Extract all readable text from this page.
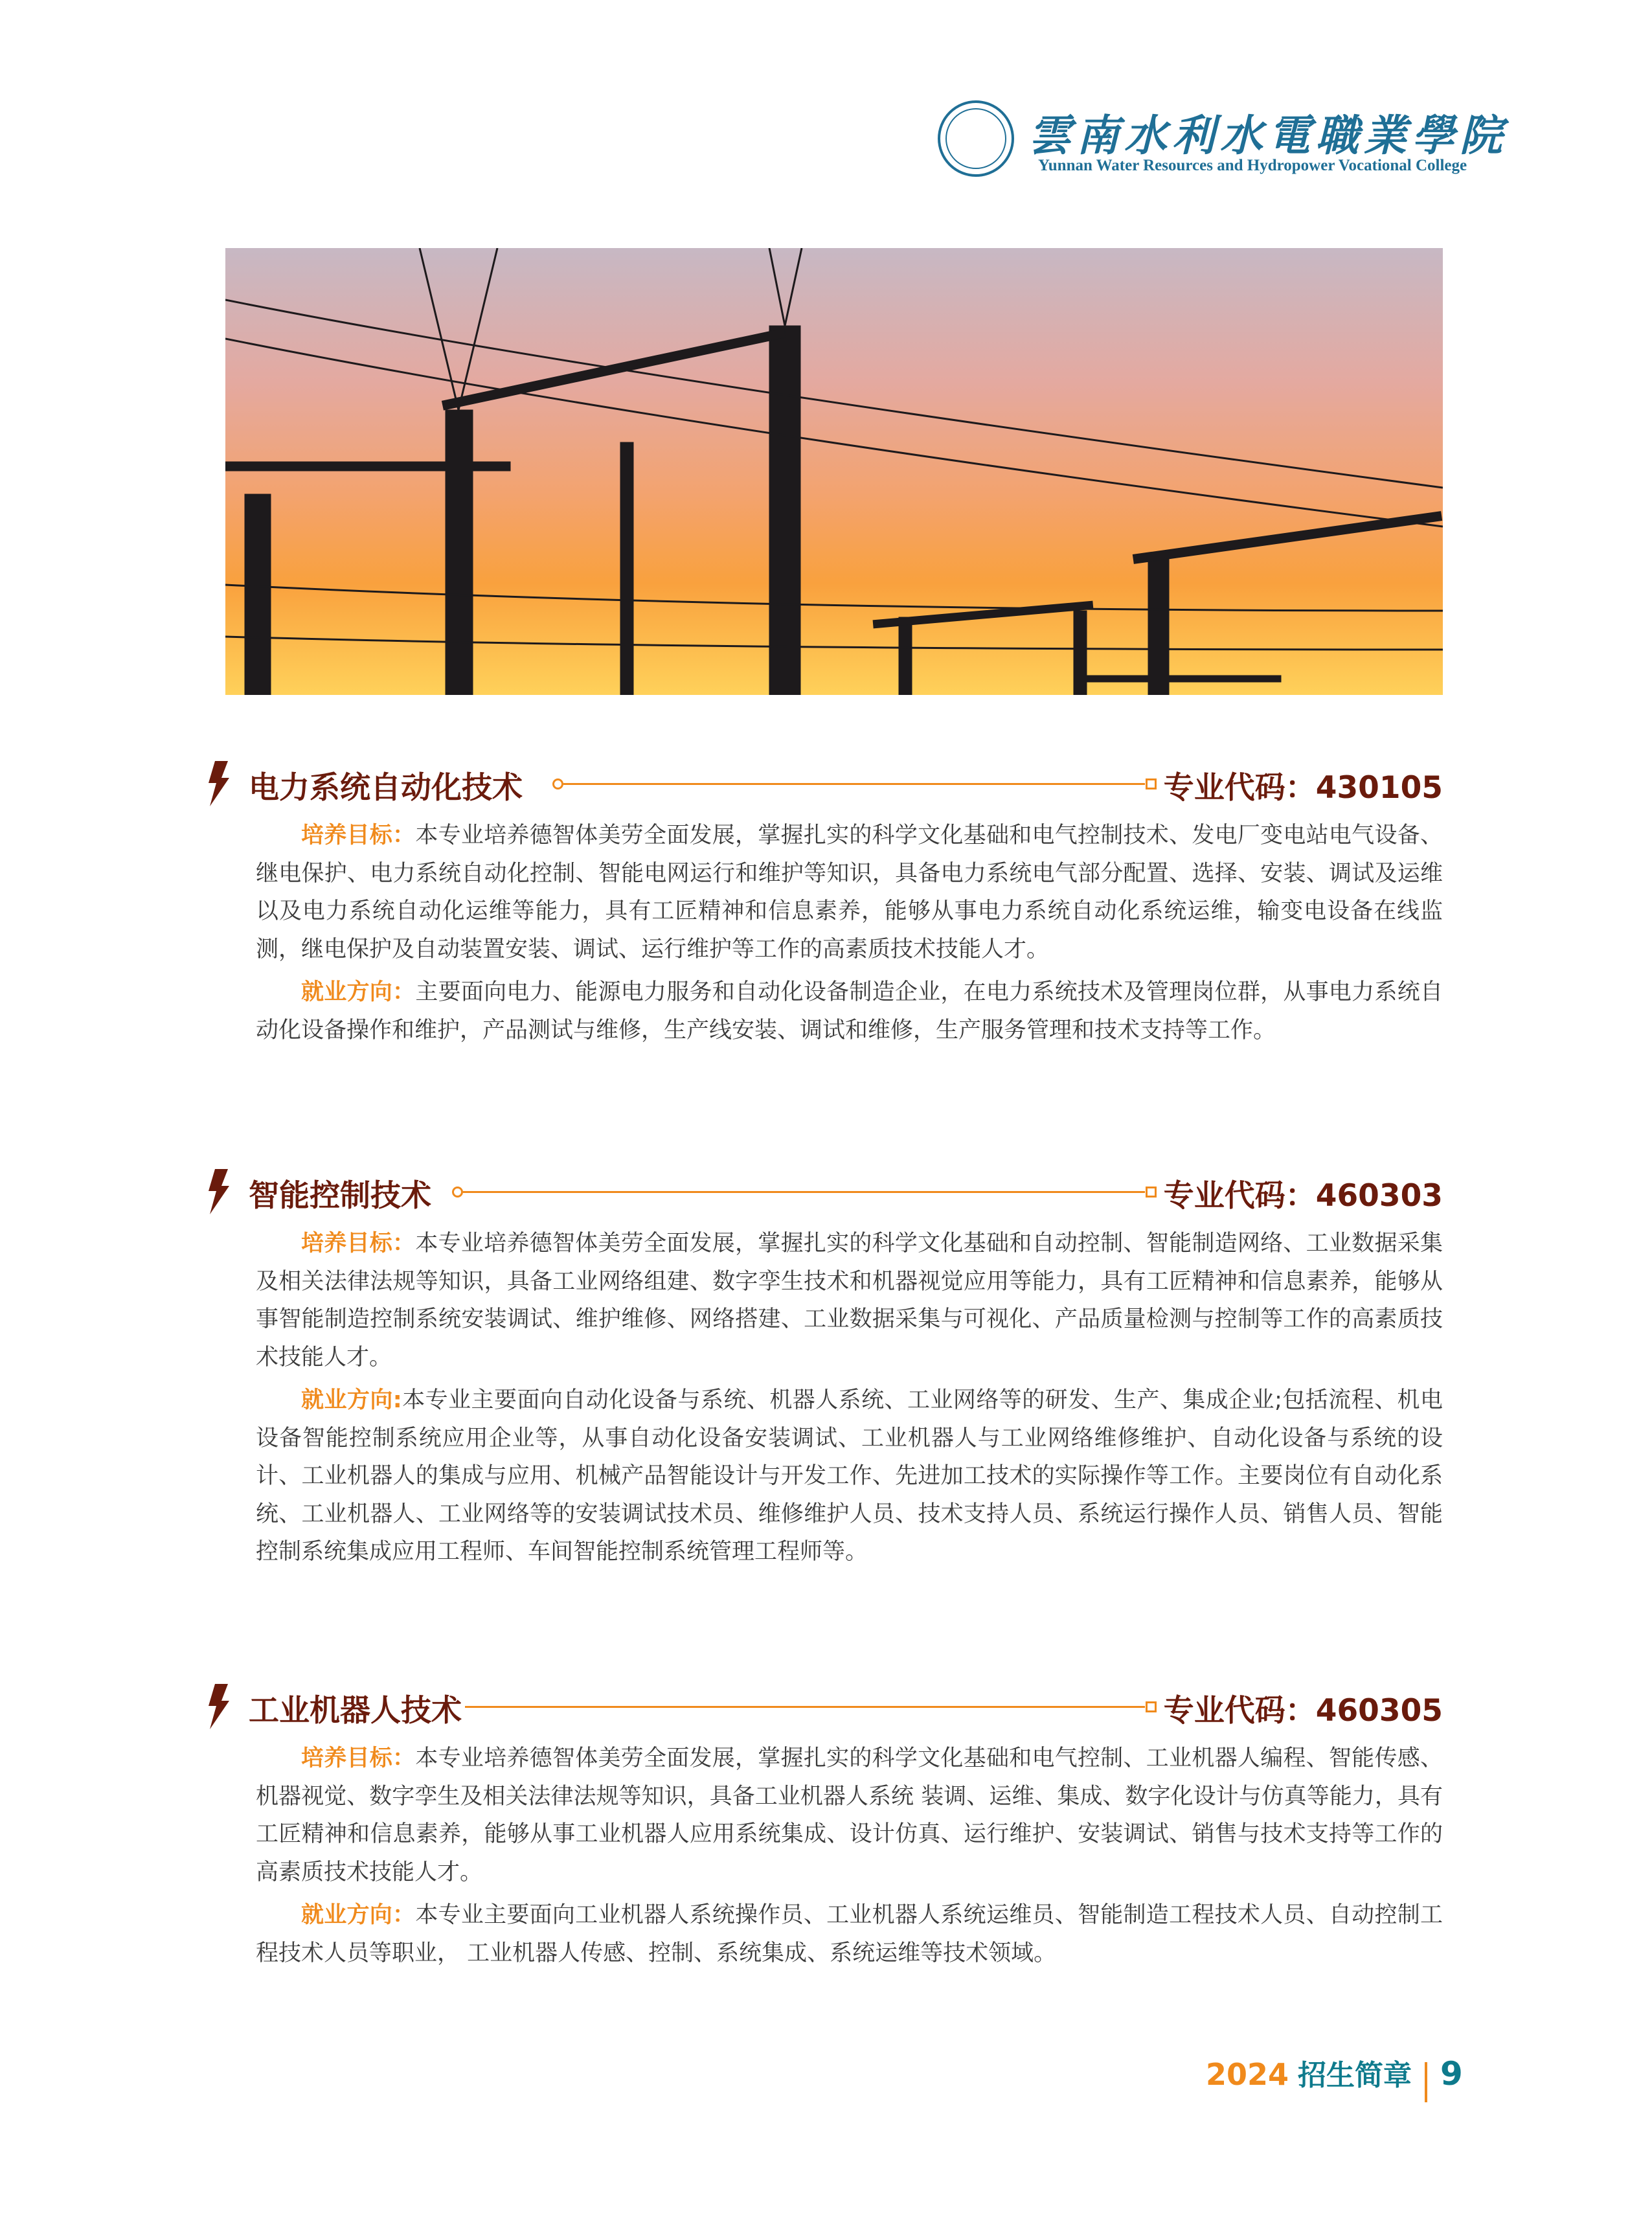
雲南水利水電職業學院
Yunnan Water Resources and Hydropower Vocational College
电力系统自动化技术	专业代码：430105

培养目标：本专业培养德智体美劳全面发展，掌握扎实的科学文化基础和电气控制技术、发电厂变电站电气设备、继电保护、电力系统自动化控制、智能电网运行和维护等知识，具备电力系统电气部分配置、选择、安装、调试及运维以及电力系统自动化运维等能力，具有工匠精神和信息素养，能够从事电力系统自动化系统运维，输变电设备在线监测，继电保护及自动装置安装、调试、运行维护等工作的高素质技术技能人才。

就业方向：主要面向电力、能源电力服务和自动化设备制造企业，在电力系统技术及管理岗位群，从事电力系统自动化设备操作和维护，产品测试与维修，生产线安装、调试和维修，生产服务管理和技术支持等工作。

智能控制技术	专业代码：460303

培养目标：本专业培养德智体美劳全面发展，掌握扎实的科学文化基础和自动控制、智能制造网络、工业数据采集及相关法律法规等知识，具备工业网络组建、数字孪生技术和机器视觉应用等能力，具有工匠精神和信息素养，能够从事智能制造控制系统安装调试、维护维修、网络搭建、工业数据采集与可视化、产品质量检测与控制等工作的高素质技术技能人才。

就业方向:本专业主要面向自动化设备与系统、机器人系统、工业网络等的研发、生产、集成企业;包括流程、机电设备智能控制系统应用企业等，从事自动化设备安装调试、工业机器人与工业网络维修维护、自动化设备与系统的设计、工业机器人的集成与应用、机械产品智能设计与开发工作、先进加工技术的实际操作等工作。主要岗位有自动化系统、工业机器人、工业网络等的安装调试技术员、维修维护人员、技术支持人员、系统运行操作人员、销售人员、智能控制系统集成应用工程师、车间智能控制系统管理工程师等。

工业机器人技术	专业代码：460305

培养目标：本专业培养德智体美劳全面发展，掌握扎实的科学文化基础和电气控制、工业机器人编程、智能传感、机器视觉、数字孪生及相关法律法规等知识，具备工业机器人系统 装调、运维、集成、数字化设计与仿真等能力，具有工匠精神和信息素养，能够从事工业机器人应用系统集成、设计仿真、运行维护、安装调试、销售与技术支持等工作的高素质技术技能人才。

就业方向：本专业主要面向工业机器人系统操作员、工业机器人系统运维员、智能制造工程技术人员、自动控制工程技术人员等职业， 工业机器人传感、控制、系统集成、系统运维等技术领域。

2024 招生简章 9
